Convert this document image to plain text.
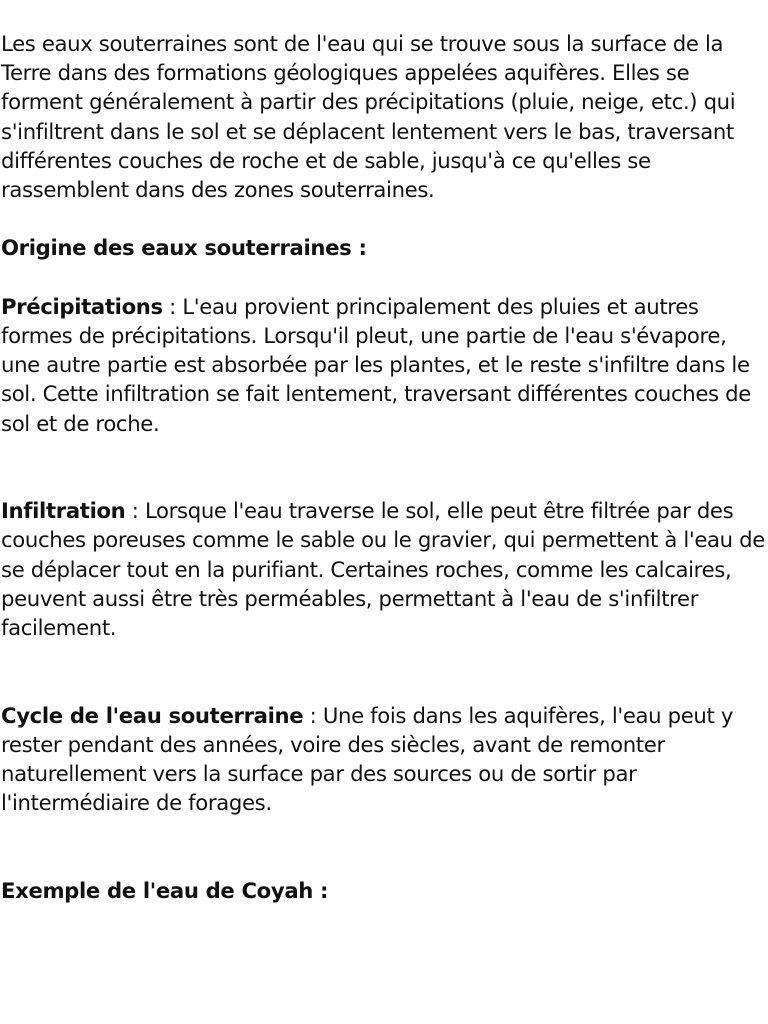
Les eaux souterraines sont de l'eau qui se trouve sous la surface de la Terre dans des formations géologiques appelées aquifères. Elles se forment généralement à partir des précipitations (pluie, neige, etc.) qui s'infiltrent dans le sol et se déplacent lentement vers le bas, traversant différentes couches de roche et de sable, jusqu'à ce qu'elles se rassemblent dans des zones souterraines.

Origine des eaux souterraines :

Précipitations : L'eau provient principalement des pluies et autres formes de précipitations. Lorsqu'il pleut, une partie de l'eau s'évapore, une autre partie est absorbée par les plantes, et le reste s'infiltre dans le sol. Cette infiltration se fait lentement, traversant différentes couches de sol et de roche.

Infiltration : Lorsque l'eau traverse le sol, elle peut être filtrée par des couches poreuses comme le sable ou le gravier, qui permettent à l'eau de se déplacer tout en la purifiant. Certaines roches, comme les calcaires, peuvent aussi être très perméables, permettant à l'eau de s'infiltrer facilement.

Cycle de l'eau souterraine : Une fois dans les aquifères, l'eau peut y rester pendant des années, voire des siècles, avant de remonter naturellement vers la surface par des sources ou de sortir par l'intermédiaire de forages.

Exemple de l'eau de Coyah :
